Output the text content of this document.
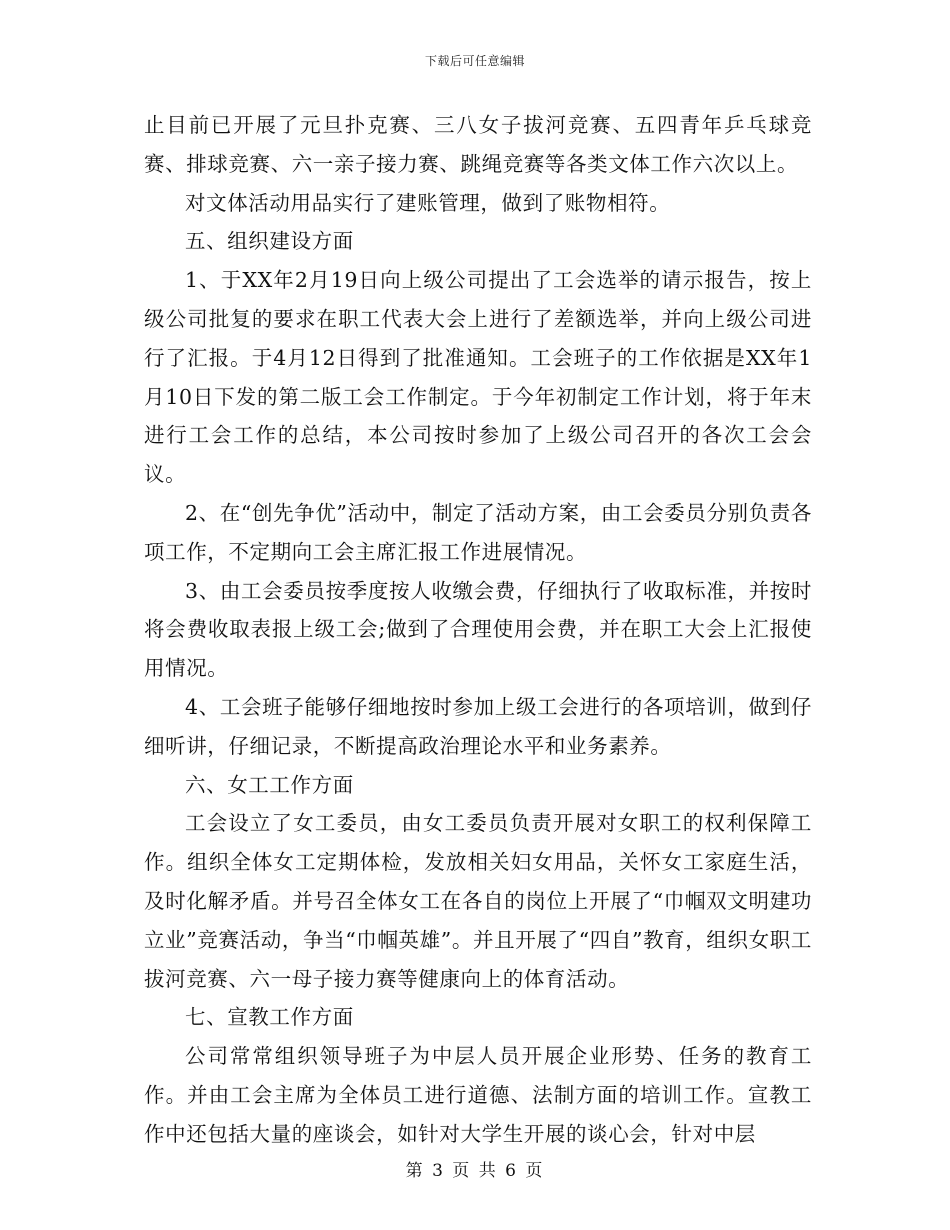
下载后可任意编辑

止目前已开展了元旦扑克赛、三八女子拔河竞赛、五四青年乒乓球竞赛、排球竞赛、六一亲子接力赛、跳绳竞赛等各类文体工作六次以上。

对文体活动用品实行了建账管理，做到了账物相符。

五、组织建设方面

1、于XX年2月19日向上级公司提出了工会选举的请示报告，按上级公司批复的要求在职工代表大会上进行了差额选举，并向上级公司进行了汇报。于4月12日得到了批准通知。工会班子的工作依据是XX年1月10日下发的第二版工会工作制定。于今年初制定工作计划，将于年末进行工会工作的总结，本公司按时参加了上级公司召开的各次工会会议。

2、在“创先争优”活动中，制定了活动方案，由工会委员分别负责各项工作，不定期向工会主席汇报工作进展情况。

3、由工会委员按季度按人收缴会费，仔细执行了收取标准，并按时将会费收取表报上级工会;做到了合理使用会费，并在职工大会上汇报使用情况。

4、工会班子能够仔细地按时参加上级工会进行的各项培训，做到仔细听讲，仔细记录，不断提高政治理论水平和业务素养。

六、女工工作方面

工会设立了女工委员，由女工委员负责开展对女职工的权利保障工作。组织全体女工定期体检，发放相关妇女用品，关怀女工家庭生活，及时化解矛盾。并号召全体女工在各自的岗位上开展了“巾帼双文明建功立业”竞赛活动，争当“巾帼英雄”。并且开展了“四自”教育，组织女职工拔河竞赛、六一母子接力赛等健康向上的体育活动。

七、宣教工作方面

公司常常组织领导班子为中层人员开展企业形势、任务的教育工作。并由工会主席为全体员工进行道德、法制方面的培训工作。宣教工作中还包括大量的座谈会，如针对大学生开展的谈心会，针对中层

第 3 页 共 6 页
